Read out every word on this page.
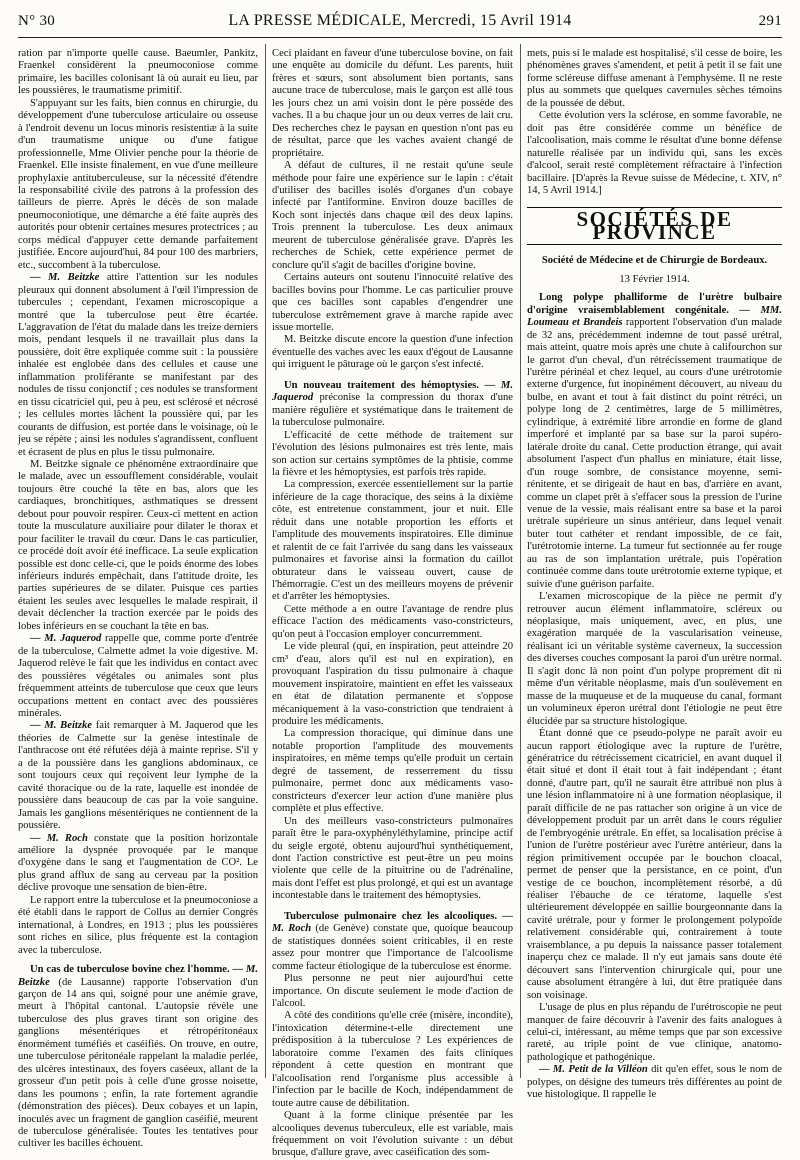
N° 30	LA PRESSE MÉDICALE, Mercredi, 15 Avril 1914	291

ration par n'importe quelle cause. Baeumler, Pankitz, Fraenkel considèrent la pneumoconiose comme primaire, les bacilles colonisant là où aurait eu lieu, par les poussières, le traumatisme primitif.

S'appuyant sur les faits, bien connus en chirurgie, du développement d'une tuberculose articulaire ou osseuse à l'endroit devenu un locus minoris resistentiæ à la suite d'un traumatisme unique ou d'une fatigue professionnelle, Mme Olivier penche pour la théorie de Fraenkel. Elle insiste finalement, en vue d'une meilleure prophylaxie antituberculeuse, sur la nécessité d'étendre la responsabilité civile des patrons à la profession des tailleurs de pierre. Après le décès de son malade pneumoconiotique, une démarche a été faite auprès des autorités pour obtenir certaines mesures protectrices ; au corps médical d'appuyer cette demande parfaitement justifiée. Encore aujourd'hui, 84 pour 100 des marbriers, etc., succombent à la tuberculose.

— M. Beitzke attire l'attention sur les nodules pleuraux qui donnent absolument à l'œil l'impression de tubercules ; cependant, l'examen microscopique a montré que la tuberculose peut être écartée. L'aggravation de l'état du malade dans les treize derniers mois, pendant lesquels il ne travaillait plus dans la poussière, doit être expliquée comme suit : la poussière inhalée est englobée dans des cellules et cause une inflammation proliférante se manifestant par des nodules de tissu conjonctif ; ces nodules se transforment en tissu cicatriciel qui, peu à peu, est sclérosé et nécrosé ; les cellules mortes lâchent la poussière qui, par les courants de diffusion, est portée dans le voisinage, où le jeu se répète ; ainsi les nodules s'agrandissent, confluent et écrasent de plus en plus le tissu pulmonaire.

M. Beitzke signale ce phénomène extraordinaire que le malade, avec un essoufflement considérable, voulait toujours être couché la tête en bas, alors que les cardiaques, bronchitiques, asthmatiques se dressent debout pour pouvoir respirer. Ceux-ci mettent en action toute la musculature auxiliaire pour dilater le thorax et pour faciliter le travail du cœur. Dans le cas particulier, ce procédé doit avoir été inefficace. La seule explication possible est donc celle-ci, que le poids énorme des lobes inférieurs indurés empêchait, dans l'attitude droite, les parties supérieures de se dilater. Puisque ces parties étaient les seules avec lesquelles le malade respirait, il devait déclencher la traction exercée par le poids des lobes inférieurs en se couchant la tête en bas.

— M. Jaquerod rappelle que, comme porte d'entrée de la tuberculose, Calmette admet la voie digestive. M. Jaquerod relève le fait que les individus en contact avec des poussières végétales ou animales sont plus fréquemment atteints de tuberculose que ceux que leurs occupations mettent en contact avec des poussières minérales.

— M. Beitzke fait remarquer à M. Jaquerod que les théories de Calmette sur la genèse intestinale de l'anthracose ont été réfutées déjà à mainte reprise. S'il y a de la poussière dans les ganglions abdominaux, ce sont toujours ceux qui reçoivent leur lymphe de la cavité thoracique ou de la rate, laquelle est inondée de poussière dans beaucoup de cas par la voie sanguine. Jamais les ganglions mésentériques ne contiennent de la poussière.

— M. Roch constate que la position horizontale améliore la dyspnée provoquée par le manque d'oxygène dans le sang et l'augmentation de CO². Le plus grand afflux de sang au cerveau par la position déclive provoque une sensation de bien-être.

Le rapport entre la tuberculose et la pneumoconiose a été établi dans le rapport de Collus au dernier Congrès international, à Londres, en 1913 ; plus les poussières sont riches en silice, plus fréquente est la contagion avec la tuberculose.

Un cas de tuberculose bovine chez l'homme. — M. Beitzke (de Lausanne) rapporte l'observation d'un garçon de 14 ans qui, soigné pour une anémie grave, meurt à l'hôpital cantonal. L'autopsie révèle une tuberculose des plus graves tirant son origine des ganglions mésentériques et rétropéritonéaux énormément tuméfiés et caséifiés. On trouve, en outre, une tuberculose péritonéale rappelant la maladie perlée, des ulcères intestinaux, des foyers caséeux, allant de la grosseur d'un petit pois à celle d'une grosse noisette, dans les poumons ; enfin, la rate fortement agrandie (démonstration des pièces). Deux cobayes et un lapin, inoculés avec un fragment de ganglion caséifié, meurent de tuberculose généralisée. Toutes les tentatives pour cultiver les bacilles échouent.

Ceci plaidant en faveur d'une tuberculose bovine, on fait une enquête au domicile du défunt. Les parents, huit frères et sœurs, sont absolument bien portants, sans aucune trace de tuberculose, mais le garçon est allé tous les jours chez un ami voisin dont le père possède des vaches. Il a bu chaque jour un ou deux verres de lait cru. Des recherches chez le paysan en question n'ont pas eu de résultat, parce que les vaches avaient changé de propriétaire.

A défaut de cultures, il ne restait qu'une seule méthode pour faire une expérience sur le lapin : c'était d'utiliser des bacilles isolés d'organes d'un cobaye infecté par l'antiformine. Environ douze bacilles de Koch sont injectés dans chaque œil des deux lapins. Trois prennent la tuberculose. Les deux animaux meurent de tuberculose généralisée grave. D'après les recherches de Schiek, cette expérience permet de conclure qu'il s'agit de bacilles d'origine bovine.

Certains auteurs ont soutenu l'innocuité relative des bacilles bovins pour l'homme. Le cas particulier prouve que ces bacilles sont capables d'engendrer une tuberculose extrêmement grave à marche rapide avec issue mortelle.

M. Beitzke discute encore la question d'une infection éventuelle des vaches avec les eaux d'égout de Lausanne qui irriguent le pâturage où le garçon s'est infecté.

Un nouveau traitement des hémoptysies. — M. Jaquerod préconise la compression du thorax d'une manière régulière et systématique dans le traitement de la tuberculose pulmonaire.

L'efficacité de cette méthode de traitement sur l'évolution des lésions pulmonaires est très lente, mais son action sur certains symptômes de la phtisie, comme la fièvre et les hémoptysies, est parfois très rapide.

La compression, exercée essentiellement sur la partie inférieure de la cage thoracique, des seins à la dixième côte, est entretenue constamment, jour et nuit. Elle réduit dans une notable proportion les efforts et l'amplitude des mouvements inspiratoires. Elle diminue et ralentit de ce fait l'arrivée du sang dans les vaisseaux pulmonaires et favorise ainsi la formation du caillot obturateur dans le vaisseau ouvert, cause de l'hémorragie. C'est un des meilleurs moyens de prévenir et d'arrêter les hémoptysies.

Cette méthode a en outre l'avantage de rendre plus efficace l'action des médicaments vaso-constricteurs, qu'on peut à l'occasion employer concurremment.

Le vide pleural (qui, en inspiration, peut atteindre 20 cm³ d'eau, alors qu'il est nul en expiration), en provoquant l'aspiration du tissu pulmonaire à chaque mouvement inspiratoire, maintient en effet les vaisseaux en état de dilatation permanente et s'oppose mécaniquement à la vaso-constriction que tendraient à produire les médicaments.

La compression thoracique, qui diminue dans une notable proportion l'amplitude des mouvements inspiratoires, en même temps qu'elle produit un certain degré de tassement, de resserrement du tissu pulmonaire, permet donc aux médicaments vaso-constricteurs d'exercer leur action d'une manière plus complète et plus effective.

Un des meilleurs vaso-constricteurs pulmonaires paraît être le para-oxyphényléthylamine, principe actif du seigle ergoté, obtenu aujourd'hui synthétiquement, dont l'action constrictive est peut-être un peu moins violente que celle de la pituitrine ou de l'adrénaline, mais dont l'effet est plus prolongé, et qui est un avantage incontestable dans le traitement des hémoptysies.

Tuberculose pulmonaire chez les alcooliques. — M. Roch (de Genève) constate que, quoique beaucoup de statistiques données soient criticables, il en reste assez pour montrer que l'importance de l'alcoolisme comme facteur étiologique de la tuberculose est énorme.

Plus personne ne peut nier aujourd'hui cette importance. On discute seulement le mode d'action de l'alcool.

A côté des conditions qu'elle crée (misère, incondite), l'intoxication détermine-t-elle directement une prédisposition à la tuberculose ? Les expériences de laboratoire comme l'examen des faits cliniques répondent à cette question en montrant que l'alcoolisation rend l'organisme plus accessible à l'infection par le bacille de Koch, indépendamment de toute autre cause de débilitation.

Quant à la forme clinique présentée par les alcooliques devenus tuberculeux, elle est variable, mais fréquemment on voit l'évolution suivante : un début brusque, d'allure grave, avec caséification des som-

mets, puis si le malade est hospitalisé, s'il cesse de boire, les phénomènes graves s'amendent, et petit à petit il se fait une forme scléreuse diffuse amenant à l'emphysème. Il ne reste plus au sommets que quelques cavernules sèches témoins de la poussée de début.

Cette évolution vers la sclérose, en somme favorable, ne doit pas être considérée comme un bénéfice de l'alcoolisation, mais comme le résultat d'une bonne défense naturelle réalisée par un individu qui, sans les excès d'alcool, serait resté complètement réfractaire à l'infection bacillaire. [D'après la Revue suisse de Médecine, t. XIV, n° 14, 5 Avril 1914.]

SOCIÉTÉS DE PROVINCE
Société de Médecine et de Chirurgie de Bordeaux.
13 Février 1914.

Long polype phalliforme de l'urètre bulbaire d'origine vraisemblablement congénitale. — MM. Loumeau et Brandeis rapportent l'observation d'un malade de 32 ans, précédemment indemne de tout passé urétral, mais atteint, quatre mois après une chute à califourchon sur le garrot d'un cheval, d'un rétrécissement traumatique de l'urètre périnéal et chez lequel, au cours d'une urétrotomie externe d'urgence, fut inopinément découvert, au niveau du bulbe, en avant et tout à fait distinct du point rétréci, un polype long de 2 centimètres, large de 5 millimètres, cylindrique, à extrémité libre arrondie en forme de gland imperforé et implanté par sa base sur la paroi supéro-latérale droite du canal. Cette production étrange, qui avait absolument l'aspect d'un phallus en miniature, était lisse, d'un rouge sombre, de consistance moyenne, semi-rénitente, et se dirigeait de haut en bas, d'arrière en avant, comme un clapet prêt à s'effacer sous la pression de l'urine venue de la vessie, mais réalisant entre sa base et la paroi urétrale supérieure un sinus antérieur, dans lequel venait buter tout cathéter et rendant impossible, de ce fait, l'urétrotomie interne. La tumeur fut sectionnée au fer rouge au ras de son implantation urétrale, puis l'opération continuée comme dans toute urétrotomie externe typique, et suivie d'une guérison parfaite.

L'examen microscopique de la pièce ne permit d'y retrouver aucun élément inflammatoire, scléreux ou néoplasique, mais uniquement, avec, en plus, une exagération marquée de la vascularisation veineuse, réalisant ici un véritable système caverneux, la succession des diverses couches composant la paroi d'un urètre normal. Il s'agit donc là non point d'un polype proprement dit ni même d'un véritable néoplasme, mais d'un soulèvement en masse de la muqueuse et de la muqueuse du canal, formant un volumineux éperon urétral dont l'étiologie ne peut être élucidée par sa structure histologique.

Étant donné que ce pseudo-polype ne paraît avoir eu aucun rapport étiologique avec la rupture de l'urètre, génératrice du rétrécissement cicatriciel, en avant duquel il était situé et dont il était tout à fait indépendant ; étant donné, d'autre part, qu'il ne saurait être attribué non plus à une lésion inflammatoire ni à une formation néoplasique, il paraît difficile de ne pas rattacher son origine à un vice de développement produit par un arrêt dans le cours régulier de l'embryogénie urétrale. En effet, sa localisation précise à l'union de l'urètre postérieur avec l'urètre antérieur, dans la région primitivement occupée par le bouchon cloacal, permet de penser que la persistance, en ce point, d'un vestige de ce bouchon, incomplètement résorbé, a dû réaliser l'ébauche de ce tératome, laquelle s'est ultérieurement développée en saillie bourgeonnante dans la cavité urétrale, pour y former le prolongement polypoïde relativement considérable qui, contrairement à toute vraisemblance, a pu depuis la naissance passer totalement inaperçu chez ce malade. Il n'y eut jamais sans doute été découvert sans l'intervention chirurgicale qui, pour une cause absolument étrangère à lui, dut être pratiquée dans son voisinage.

L'usage de plus en plus répandu de l'urétroscopie ne peut manquer de faire découvrir à l'avenir des faits analogues à celui-ci, intéressant, au même temps que par son excessive rareté, au triple point de vue clinique, anatomo-pathologique et pathogénique.

— M. Petit de la Villéon dit qu'en effet, sous le nom de polypes, on désigne des tumeurs très différentes au point de vue histologique. Il rappelle le
